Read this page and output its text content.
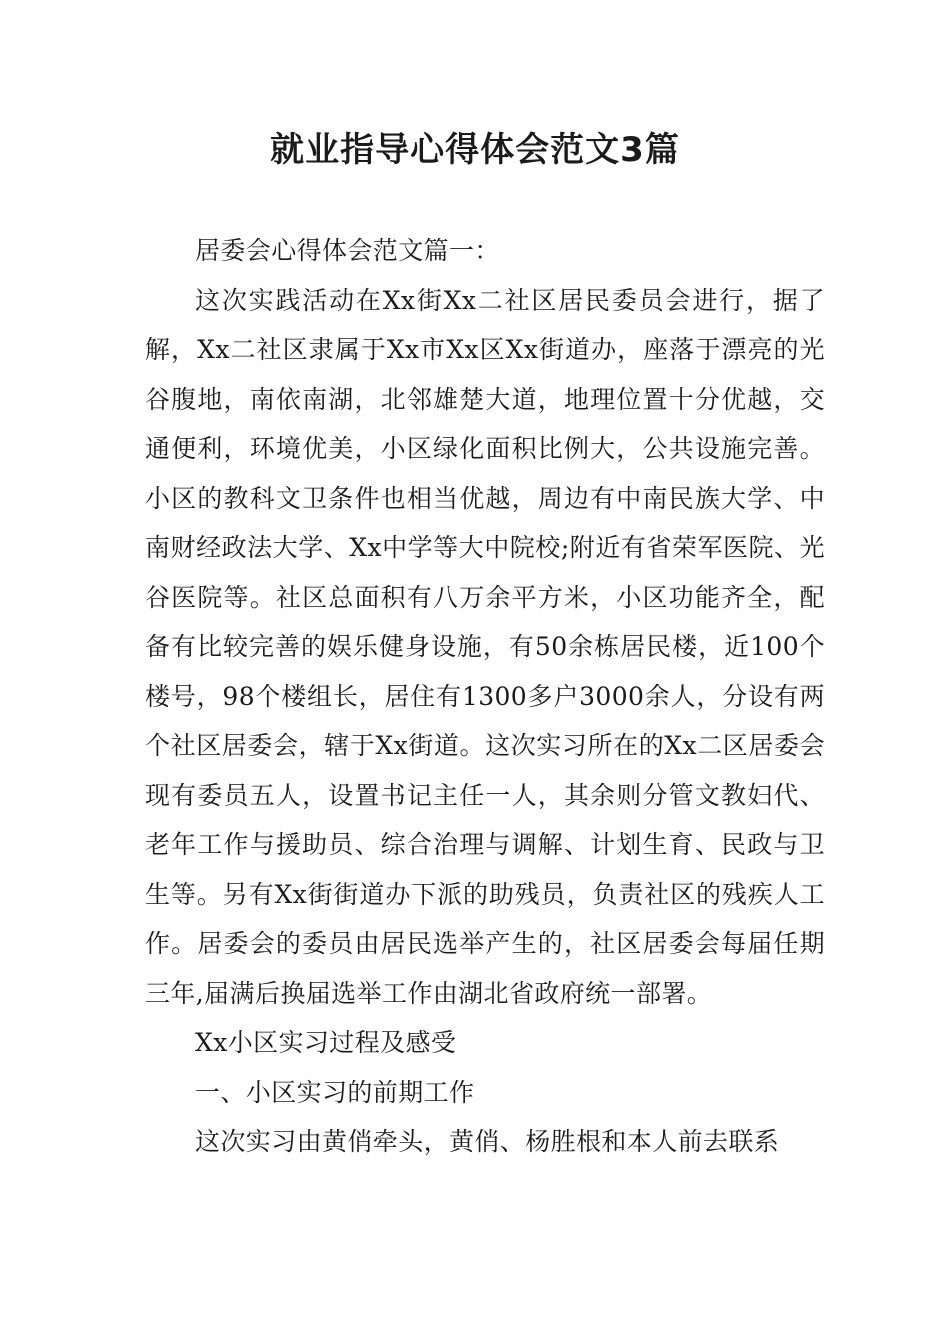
就业指导心得体会范文3篇

居委会心得体会范文篇一：

这次实践活动在Xx街Xx二社区居民委员会进行，据了解，Xx二社区隶属于Xx市Xx区Xx街道办，座落于漂亮的光谷腹地，南依南湖，北邻雄楚大道，地理位置十分优越，交通便利，环境优美，小区绿化面积比例大，公共设施完善。小区的教科文卫条件也相当优越，周边有中南民族大学、中南财经政法大学、Xx中学等大中院校;附近有省荣军医院、光谷医院等。社区总面积有八万余平方米，小区功能齐全，配备有比较完善的娱乐健身设施，有50余栋居民楼，近100个楼号，98个楼组长，居住有1300多户3000余人，分设有两个社区居委会，辖于Xx街道。这次实习所在的Xx二区居委会现有委员五人，设置书记主任一人，其余则分管文教妇代、老年工作与援助员、综合治理与调解、计划生育、民政与卫生等。另有Xx街街道办下派的助残员，负责社区的残疾人工作。居委会的委员由居民选举产生的，社区居委会每届任期三年,届满后换届选举工作由湖北省政府统一部署。

Xx小区实习过程及感受

一、小区实习的前期工作

这次实习由黄俏牵头，黄俏、杨胜根和本人前去联系
